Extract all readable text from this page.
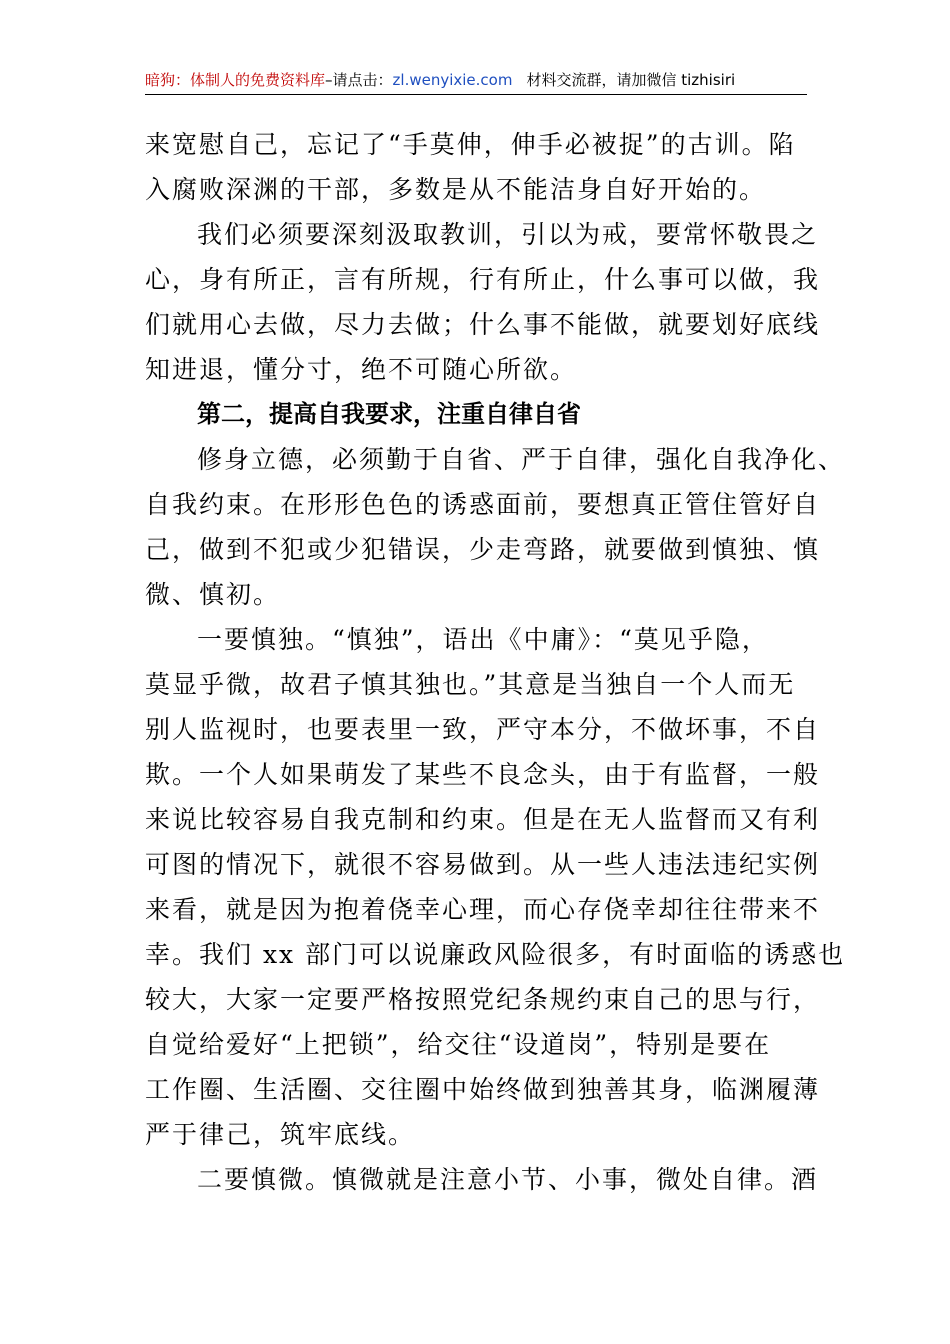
暗狗：体制人的免费资料库–请点击：zl.wenyixie.com 材料交流群，请加微信 tizhisiri
来宽慰自己，忘记了“手莫伸，伸手必被捉”的古训。陷
入腐败深渊的干部，多数是从不能洁身自好开始的。
我们必须要深刻汲取教训，引以为戒，要常怀敬畏之
心，身有所正，言有所规，行有所止，什么事可以做，我
们就用心去做，尽力去做；什么事不能做，就要划好底线
知进退，懂分寸，绝不可随心所欲。
第二，提高自我要求，注重自律自省
修身立德，必须勤于自省、严于自律，强化自我净化、
自我约束。在形形色色的诱惑面前，要想真正管住管好自
己，做到不犯或少犯错误，少走弯路，就要做到慎独、慎
微、慎初。
一要慎独。“慎独”，语出《中庸》：“莫见乎隐，
莫显乎微，故君子慎其独也。”其意是当独自一个人而无
别人监视时，也要表里一致，严守本分，不做坏事，不自
欺。一个人如果萌发了某些不良念头，由于有监督，一般
来说比较容易自我克制和约束。但是在无人监督而又有利
可图的情况下，就很不容易做到。从一些人违法违纪实例
来看，就是因为抱着侥幸心理，而心存侥幸却往往带来不
幸。我们 xx 部门可以说廉政风险很多，有时面临的诱惑也
较大，大家一定要严格按照党纪条规约束自己的思与行，
自觉给爱好“上把锁”，给交往“设道岗”，特别是要在
工作圈、生活圈、交往圈中始终做到独善其身，临渊履薄
严于律己，筑牢底线。
二要慎微。慎微就是注意小节、小事，微处自律。酒
